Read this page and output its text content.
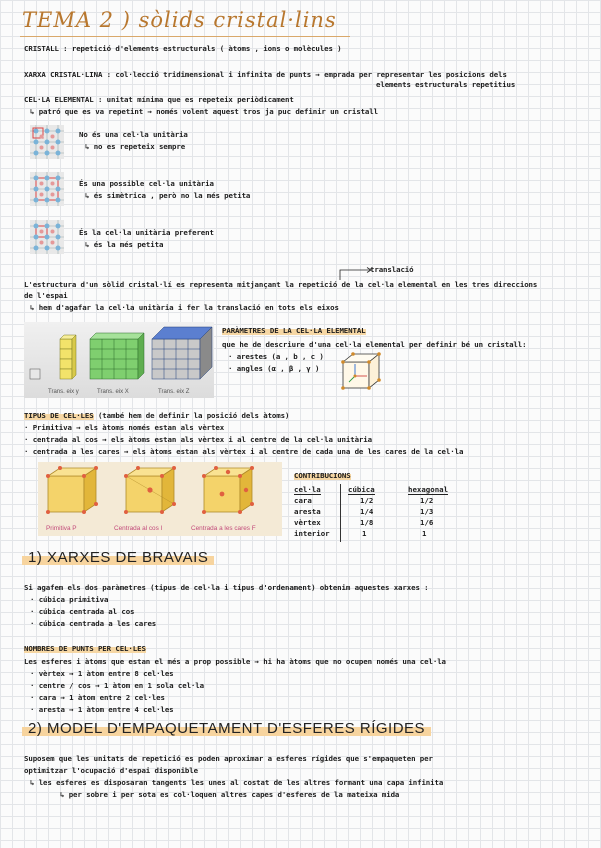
TEMA 2 ) sòlids cristal·lins
CRISTALL : repetició d'elements estructurals ( àtoms , ions o molècules )
XARXA CRISTAL·LINA : col·lecció tridimensional i infinita de punts → emprada per representar les posicions dels
elements estructurals repetitius
CEL·LA ELEMENTAL : unitat mínima que es repeteix periòdicament
↳ patró que es va repetint → només volent aquest tros ja puc definir un cristall
No és una cel·la unitària
↳ no es repeteix sempre
És una possible cel·la unitària
↳ és simètrica , però no la més petita
És la cel·la unitària preferent
↳ és la més petita
translació
L'estructura d'un sòlid cristal·lí es representa mitjançant la repetició de la cel·la elemental en les tres direccions
de l'espai
↳ hem d'agafar la cel·la unitària i fer la translació en tots els eixos
Trans. eix y	Trans. eix X	Trans. eix Z
PARÀMETRES DE LA CEL·LA ELEMENTAL
que he de descriure d'una cel·la elemental per definir bé un cristall:
· arestes (a , b , c )
· angles (α , β , γ )
TIPUS DE CEL·LES (també hem de definir la posició dels àtoms)
· Primitiva → els àtoms només estan als vèrtex
· centrada al cos → els àtoms estan als vèrtex i al centre de la cel·la unitària
· centrada a les cares → els àtoms estan als vèrtex i al centre de cada una de les cares de la cel·la
Primitiva P	Centrada al cos I	Centrada a les cares F
CONTRIBUCIONS
cel·la	cúbica	hexagonal
cara	1/2	1/2
aresta	1/4	1/3
vèrtex	1/8	1/6
interior	1	1
1) XARXES DE BRAVAIS
Si agafem els dos paràmetres (tipus de cel·la i tipus d'ordenament) obtenim aquestes xarxes :
· cúbica primitiva
· cúbica centrada al cos
· cúbica centrada a les cares
NOMBRES DE PUNTS PER CEL·LES
Les esferes i àtoms que estan el més a prop possible → hi ha àtoms que no ocupen només una cel·la
· vèrtex → 1 àtom entre 8 cel·les
· centre / cos → 1 àtom en 1 sola cel·la
· cara → 1 àtom entre 2 cel·les
· aresta → 1 àtom entre 4 cel·les
2) MODEL D'EMPAQUETAMENT D'ESFERES RÍGIDES
Suposem que les unitats de repetició es poden aproximar a esferes rígides que s'empaqueten per
optimitzar l'ocupació d'espai disponible
↳ les esferes es disposaran tangents les unes al costat de les altres formant una capa infinita
↳ per sobre i per sota es col·loquen altres capes d'esferes de la mateixa mida
